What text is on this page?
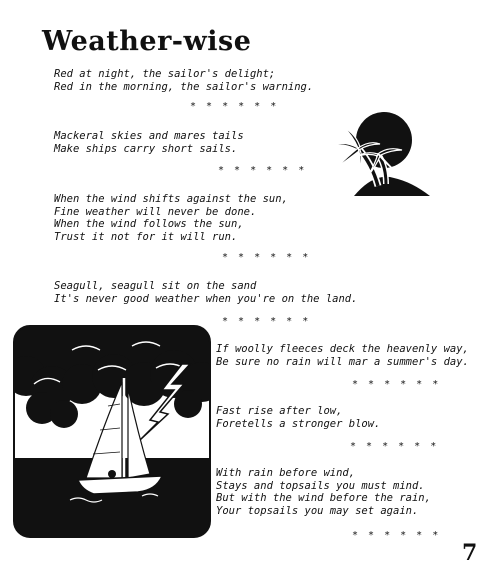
Weather-wise
Red at night, the sailor's delight;
Red in the morning, the sailor's warning.
* * * * * *
Mackeral skies and mares tails
Make ships carry short sails.
* * * * * *
When the wind shifts against the sun,
Fine weather will never be done.
When the wind follows the sun,
Trust it not for it will run.
* * * * * *
Seagull, seagull sit on the sand
It's never good weather when you're on the land.
* * * * * *
If woolly fleeces deck the heavenly way,
Be sure no rain will mar a summer's day.
* * * * * *
Fast rise after low,
Foretells a stronger blow.
* * * * * *
With rain before wind,
Stays and topsails you must mind.
But with the wind before the rain,
Your topsails you may set again.
* * * * * *
7
